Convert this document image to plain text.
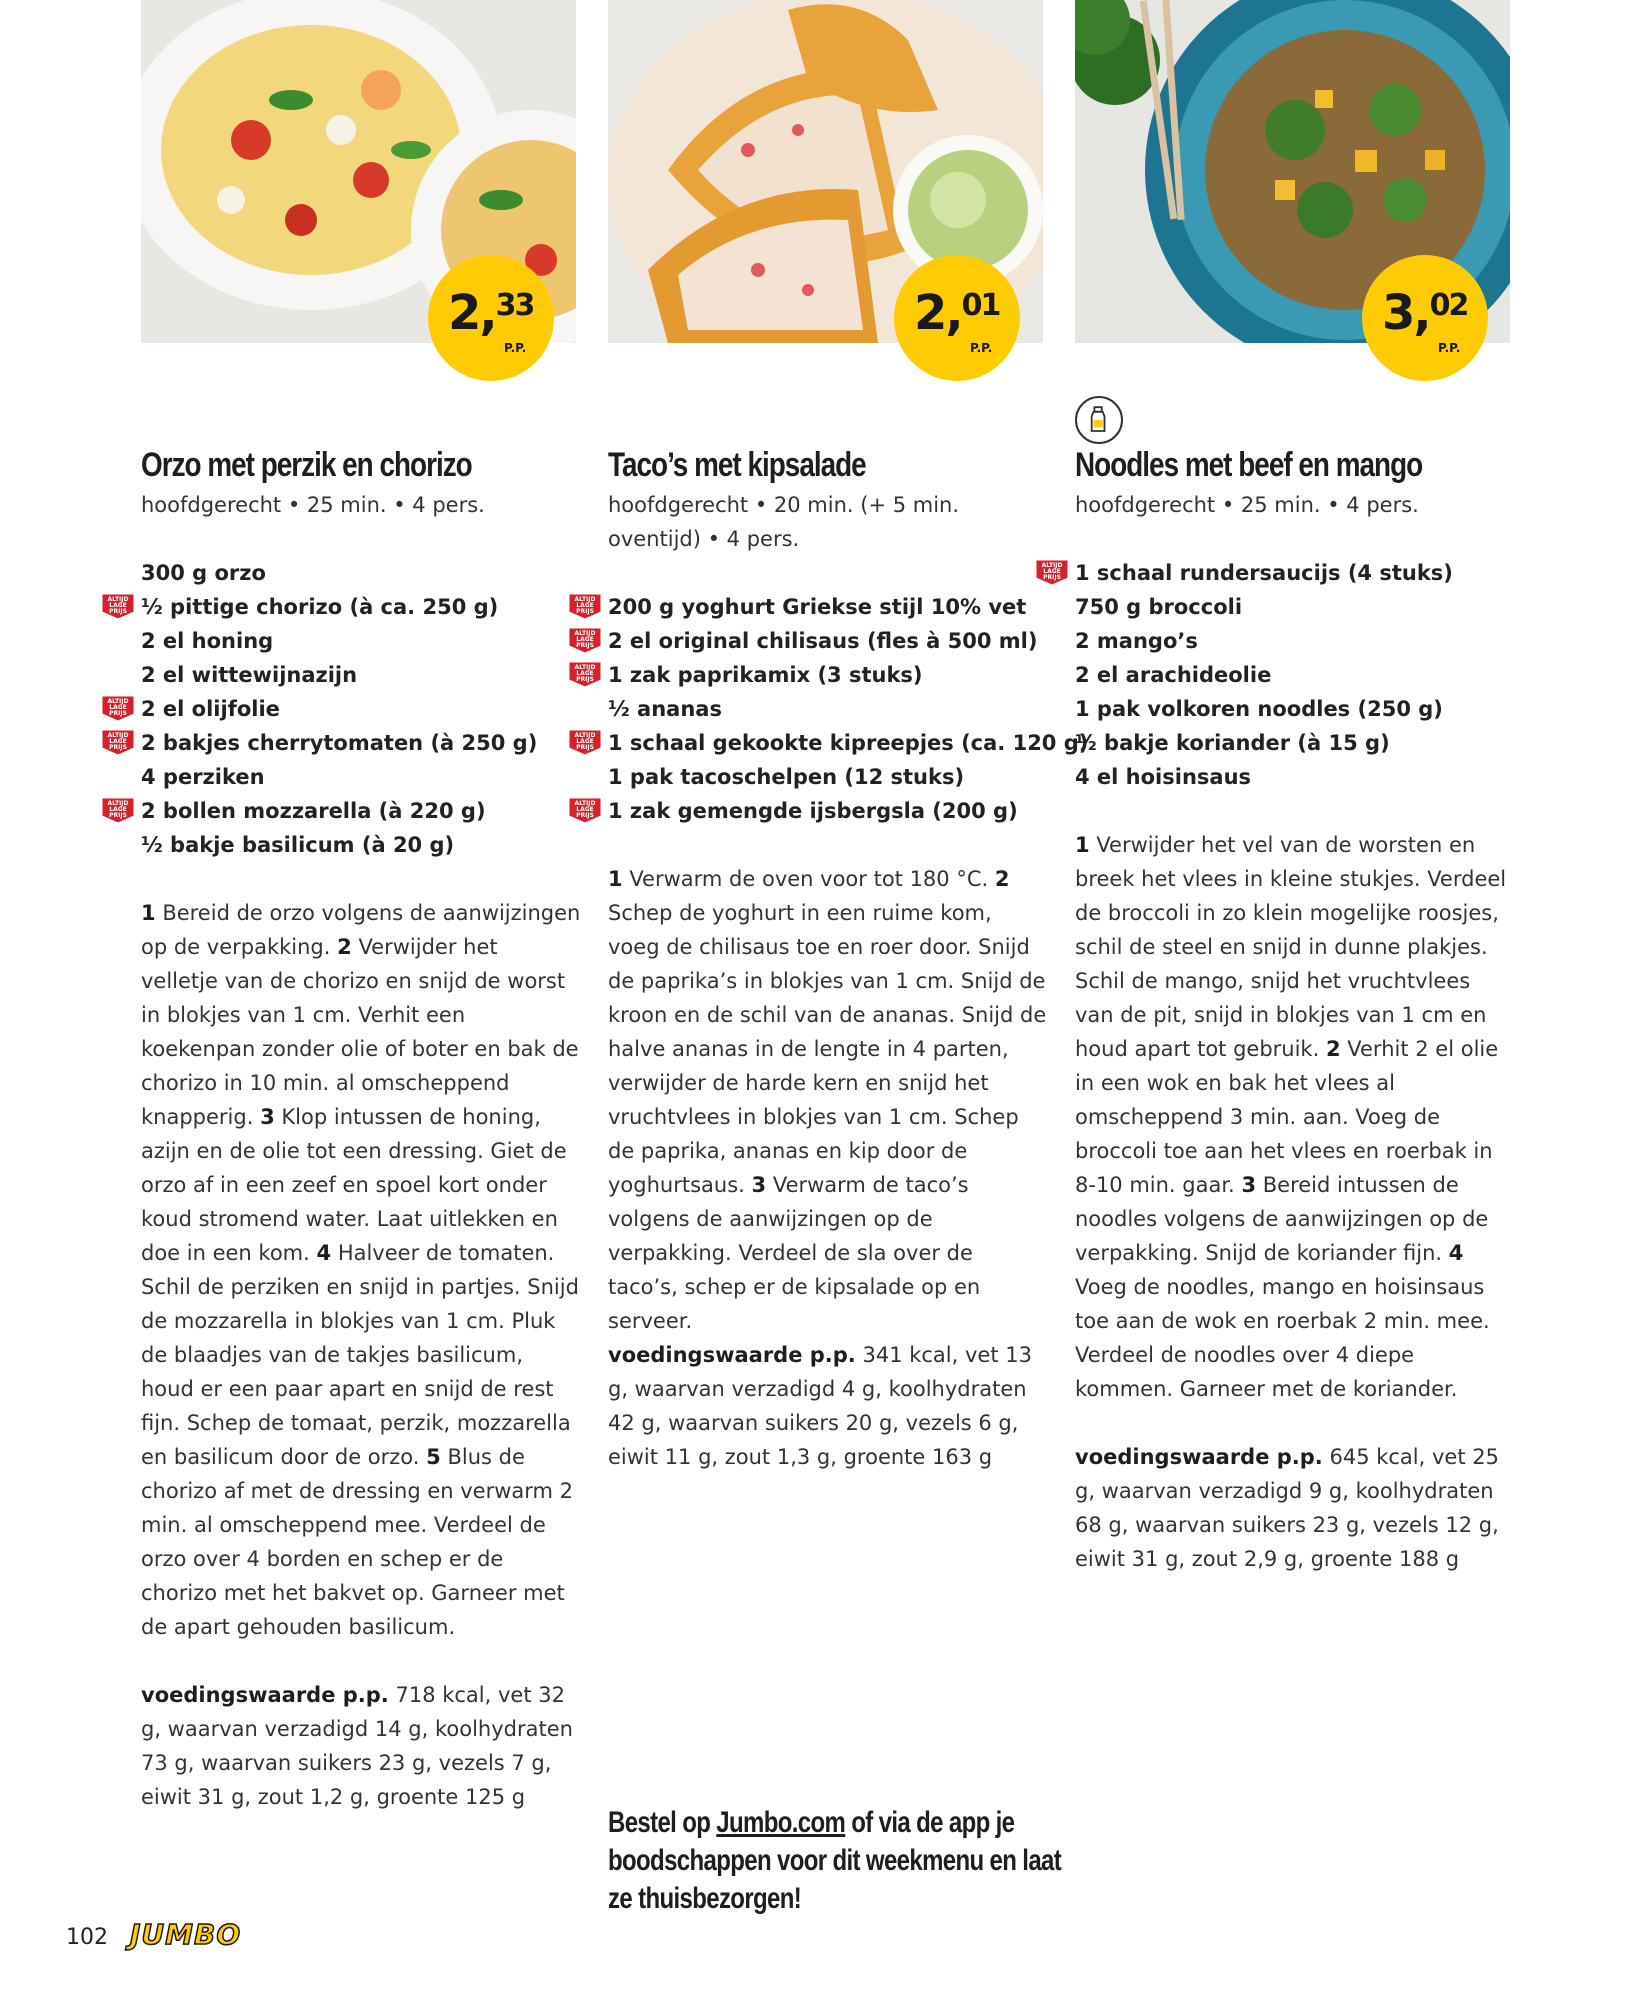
2,33
P.P.
Orzo met perzik en chorizo
hoofdgerecht • 25 min. • 4 pers.
300 g orzo
ALTIJD
LAGE
PRIJS ½ pittige chorizo (à ca. 250 g)
2 el honing
2 el wittewijnazijn
ALTIJD
LAGE
PRIJS 2 el olijfolie
ALTIJD
LAGE
PRIJS 2 bakjes cherrytomaten (à 250 g)
4 perziken
ALTIJD
LAGE
PRIJS 2 bollen mozzarella (à 220 g)
½ bakje basilicum (à 20 g)
1 Bereid de orzo volgens de aanwijzingen op de verpakking. 2 Verwijder het velletje van de chorizo en snijd de worst in blokjes van 1 cm. Verhit een koekenpan zonder olie of boter en bak de chorizo in 10 min. al omscheppend knapperig. 3 Klop intussen de honing, azijn en de olie tot een dressing. Giet de orzo af in een zeef en spoel kort onder koud stromend water. Laat uitlekken en doe in een kom. 4 Halveer de tomaten. Schil de perziken en snijd in partjes. Snijd de mozzarella in blokjes van 1 cm. Pluk de blaadjes van de takjes basilicum, houd er een paar apart en snijd de rest fijn. Schep de tomaat, perzik, mozzarella en basilicum door de orzo. 5 Blus de chorizo af met de dressing en verwarm 2 min. al omscheppend mee. Verdeel de orzo over 4 borden en schep er de chorizo met het bakvet op. Garneer met de apart gehouden basilicum.
voedingswaarde p.p. 718 kcal, vet 32 g, waarvan verzadigd 14 g, koolhydraten 73 g, waarvan suikers 23 g, vezels 7 g, eiwit 31 g, zout 1,2 g, groente 125 g
2,01
P.P.
Taco’s met kipsalade
hoofdgerecht • 20 min. (+ 5 min. oventijd) • 4 pers.
ALTIJD
LAGE
PRIJS 200 g yoghurt Griekse stijl 10% vet
ALTIJD
LAGE
PRIJS 2 el original chilisaus (fles à 500 ml)
ALTIJD
LAGE
PRIJS 1 zak paprikamix (3 stuks)
½ ananas
ALTIJD
LAGE
PRIJS 1 schaal gekookte kipreepjes (ca. 120 g)
1 pak tacoschelpen (12 stuks)
ALTIJD
LAGE
PRIJS 1 zak gemengde ijsbergsla (200 g)
1 Verwarm de oven voor tot 180 °C. 2 Schep de yoghurt in een ruime kom, voeg de chilisaus toe en roer door. Snijd de paprika’s in blokjes van 1 cm. Snijd de kroon en de schil van de ananas. Snijd de halve ananas in de lengte in 4 parten, verwijder de harde kern en snijd het vruchtvlees in blokjes van 1 cm. Schep de paprika, ananas en kip door de yoghurtsaus. 3 Verwarm de taco’s volgens de aanwijzingen op de verpakking. Verdeel de sla over de taco’s, schep er de kipsalade op en serveer.
voedingswaarde p.p. 341 kcal, vet 13 g, waarvan verzadigd 4 g, koolhydraten 42 g, waarvan suikers 20 g, vezels 6 g, eiwit 11 g, zout 1,3 g, groente 163 g
3,02
P.P.
Noodles met beef en mango
hoofdgerecht • 25 min. • 4 pers.
ALTIJD
LAGE
PRIJS 1 schaal rundersaucijs (4 stuks)
750 g broccoli
2 mango’s
2 el arachideolie
1 pak volkoren noodles (250 g)
½ bakje koriander (à 15 g)
4 el hoisinsaus
1 Verwijder het vel van de worsten en breek het vlees in kleine stukjes. Verdeel de broccoli in zo klein mogelijke roosjes, schil de steel en snijd in dunne plakjes. Schil de mango, snijd het vruchtvlees van de pit, snijd in blokjes van 1 cm en houd apart tot gebruik. 2 Verhit 2 el olie in een wok en bak het vlees al omscheppend 3 min. aan. Voeg de broccoli toe aan het vlees en roerbak in 8-10 min. gaar. 3 Bereid intussen de noodles volgens de aanwijzingen op de verpakking. Snijd de koriander fijn. 4 Voeg de noodles, mango en hoisinsaus toe aan de wok en roerbak 2 min. mee. Verdeel de noodles over 4 diepe kommen. Garneer met de koriander.
voedingswaarde p.p. 645 kcal, vet 25 g, waarvan verzadigd 9 g, koolhydraten 68 g, waarvan suikers 23 g, vezels 12 g, eiwit 31 g, zout 2,9 g, groente 188 g
Bestel op Jumbo.com of via de app je boodschappen voor dit weekmenu en laat ze thuisbezorgen!
102 JUMBO
